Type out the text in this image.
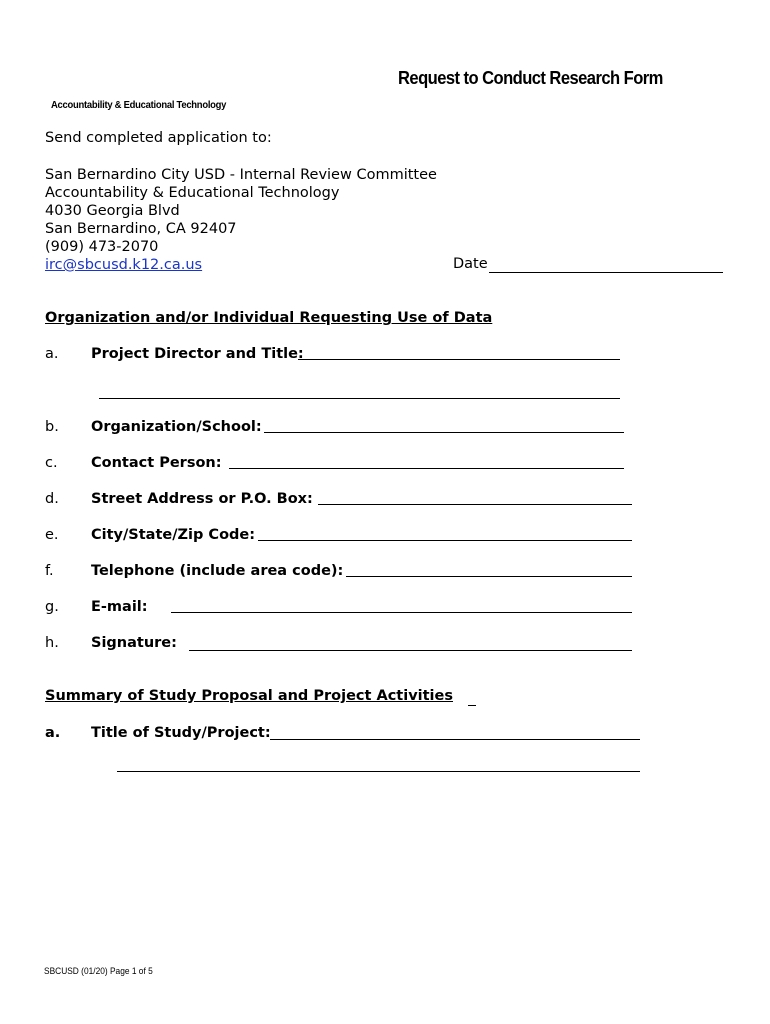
Request to Conduct Research Form
Accountability & Educational Technology
Send completed application to:
San Bernardino City USD - Internal Review Committee
Accountability & Educational Technology
4030 Georgia Blvd
San Bernardino, CA 92407
(909) 473-2070
irc@sbcusd.k12.ca.us	Date
Organization and/or Individual Requesting Use of Data
a. Project Director and Title:
b. Organization/School:
c. Contact Person:
d. Street Address or P.O. Box:
e. City/State/Zip Code:
f.	Telephone (include area code):
g. E-mail:
h. Signature:
Summary of Study Proposal and Project Activities
a. Title of Study/Project:
SBCUSD (01/20) Page 1 of 5
